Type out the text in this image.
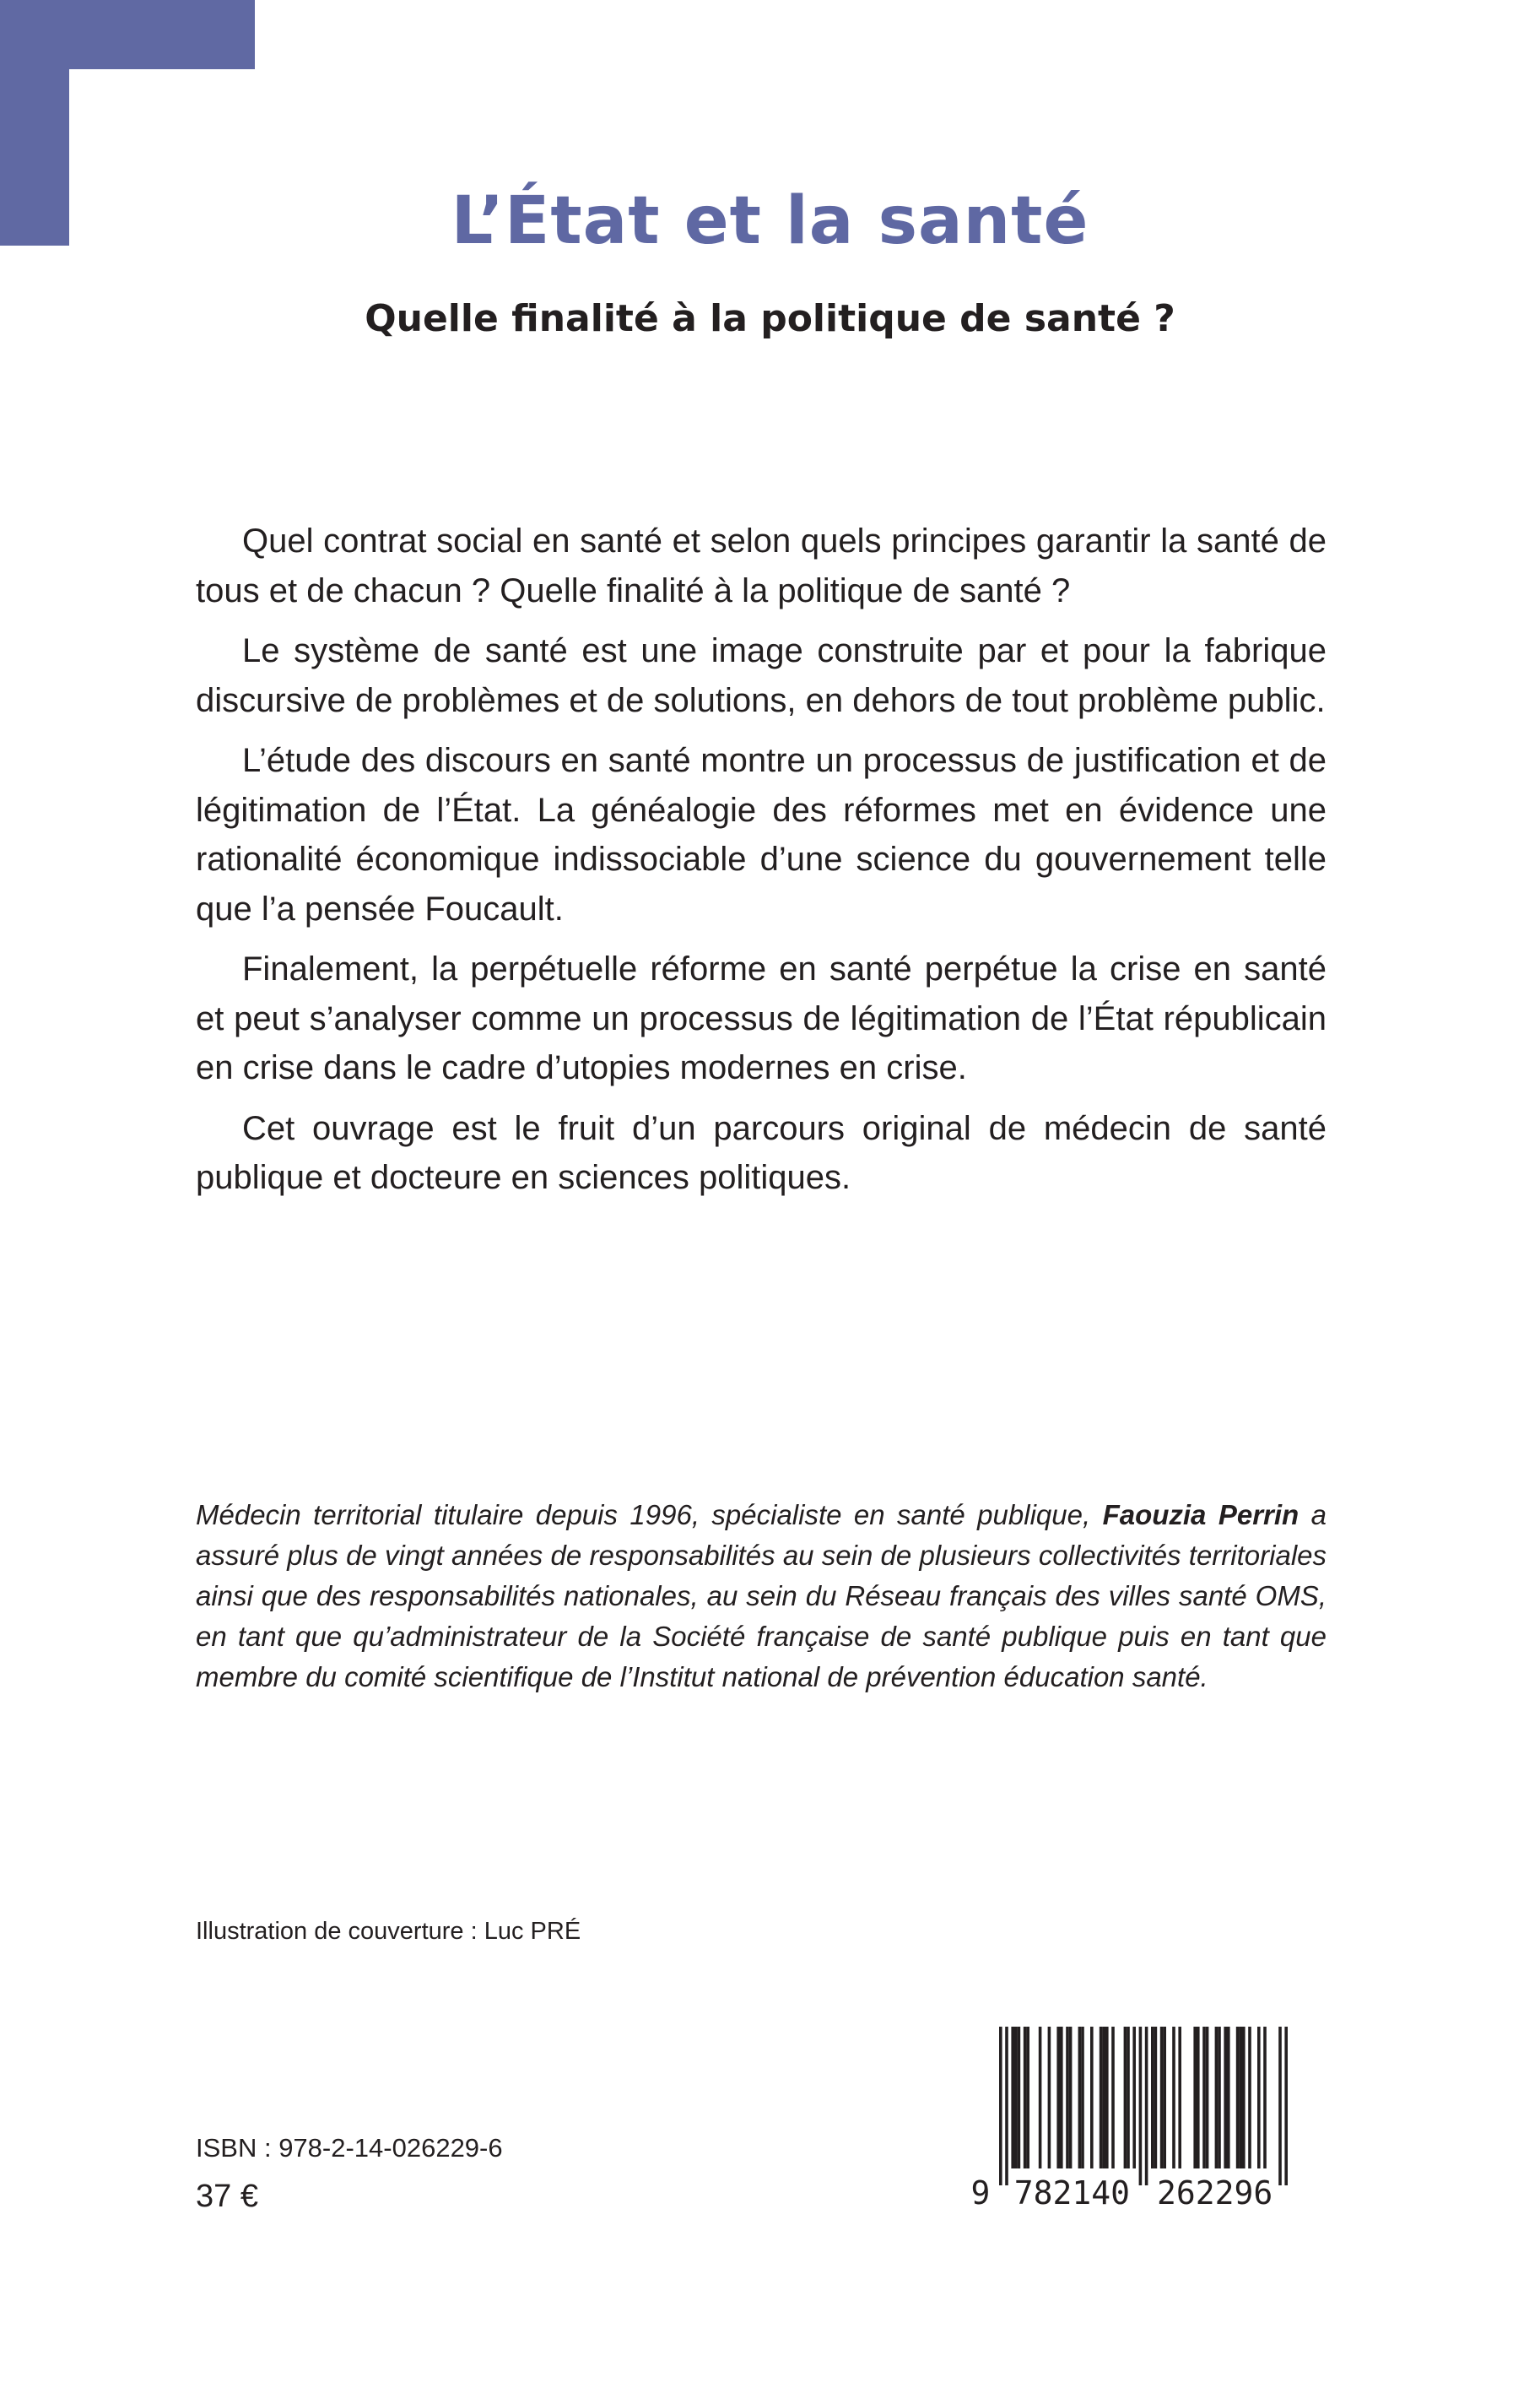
L’État et la santé
Quelle finalité à la politique de santé ?

Quel contrat social en santé et selon quels principes garantir la santé de tous et de chacun ? Quelle finalité à la politique de santé ?

Le système de santé est une image construite par et pour la fabrique discursive de problèmes et de solutions, en dehors de tout problème public.

L’étude des discours en santé montre un processus de justification et de légitimation de l’État. La généalogie des réformes met en évidence une rationalité économique indissociable d’une science du gouvernement telle que l’a pensée Foucault.

Finalement, la perpétuelle réforme en santé perpétue la crise en santé et peut s’analyser comme un processus de légitimation de l’État républicain en crise dans le cadre d’utopies modernes en crise.

Cet ouvrage est le fruit d’un parcours original de médecin de santé publique et docteure en sciences politiques.

Médecin territorial titulaire depuis 1996, spécialiste en santé publique, Faouzia Perrin a assuré plus de vingt années de responsabilités au sein de plusieurs collectivités territoriales ainsi que des responsabilités nationales, au sein du Réseau français des villes santé OMS, en tant que qu’administrateur de la Société française de santé publique puis en tant que membre du comité scientifique de l’Institut national de prévention éducation santé.

Illustration de couverture : Luc PRÉ

ISBN : 978-2-14-026229-6

37 €	9 782140 262296
